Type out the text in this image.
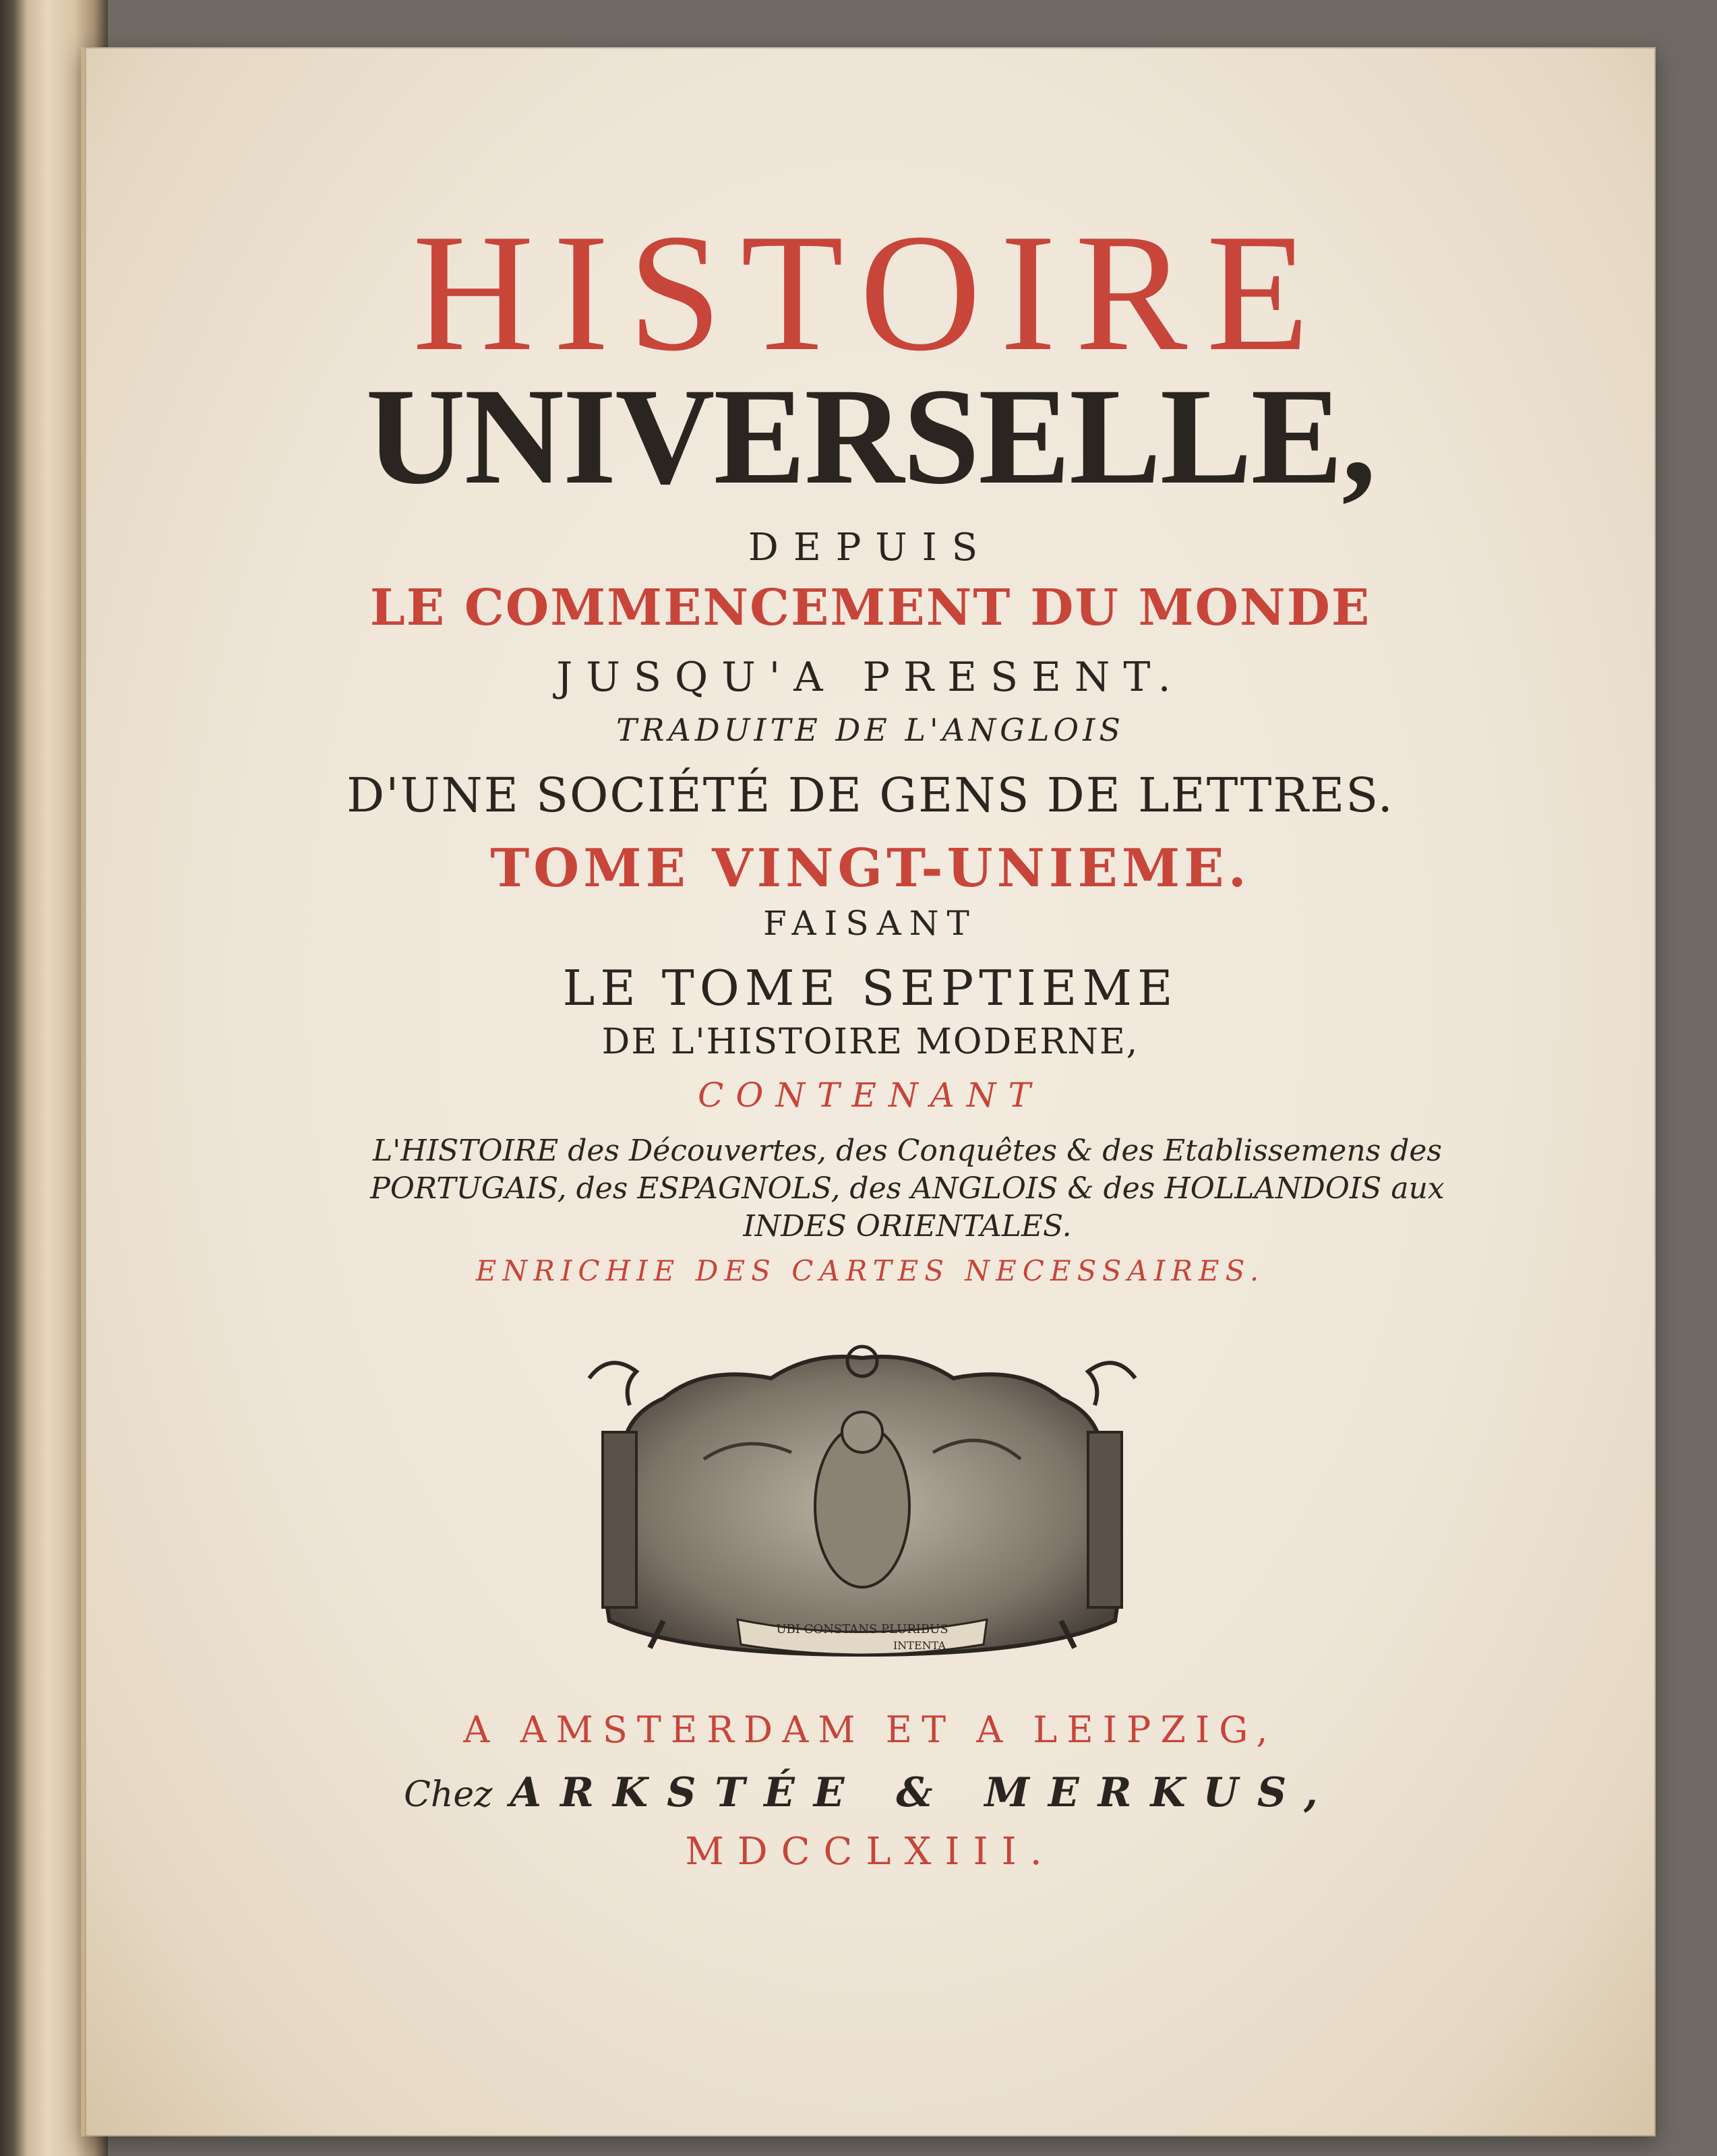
HISTOIRE
UNIVERSELLE,
DEPUIS
LE COMMENCEMENT DU MONDE
JUSQU'A PRESENT.
TRADUITE DE L'ANGLOIS
D'UNE SOCIÉTÉ DE GENS DE LETTRES.
TOME VINGT-UNIEME.
FAISANT
LE TOME SEPTIEME
DE L'HISTOIRE MODERNE,
CONTENANT
L'HISTOIRE des Découvertes, des Conquêtes & des Etablissemens des PORTUGAIS, des ESPAGNOLS, des ANGLOIS & des HOLLANDOIS aux INDES ORIENTALES.
ENRICHIE DES CARTES NECESSAIRES.
UBI CONSTANS PLURIBUS
INTENTA
A AMSTERDAM ET A LEIPZIG,
Chez ARKSTÉE & MERKUS,
MDCCLXIII.
